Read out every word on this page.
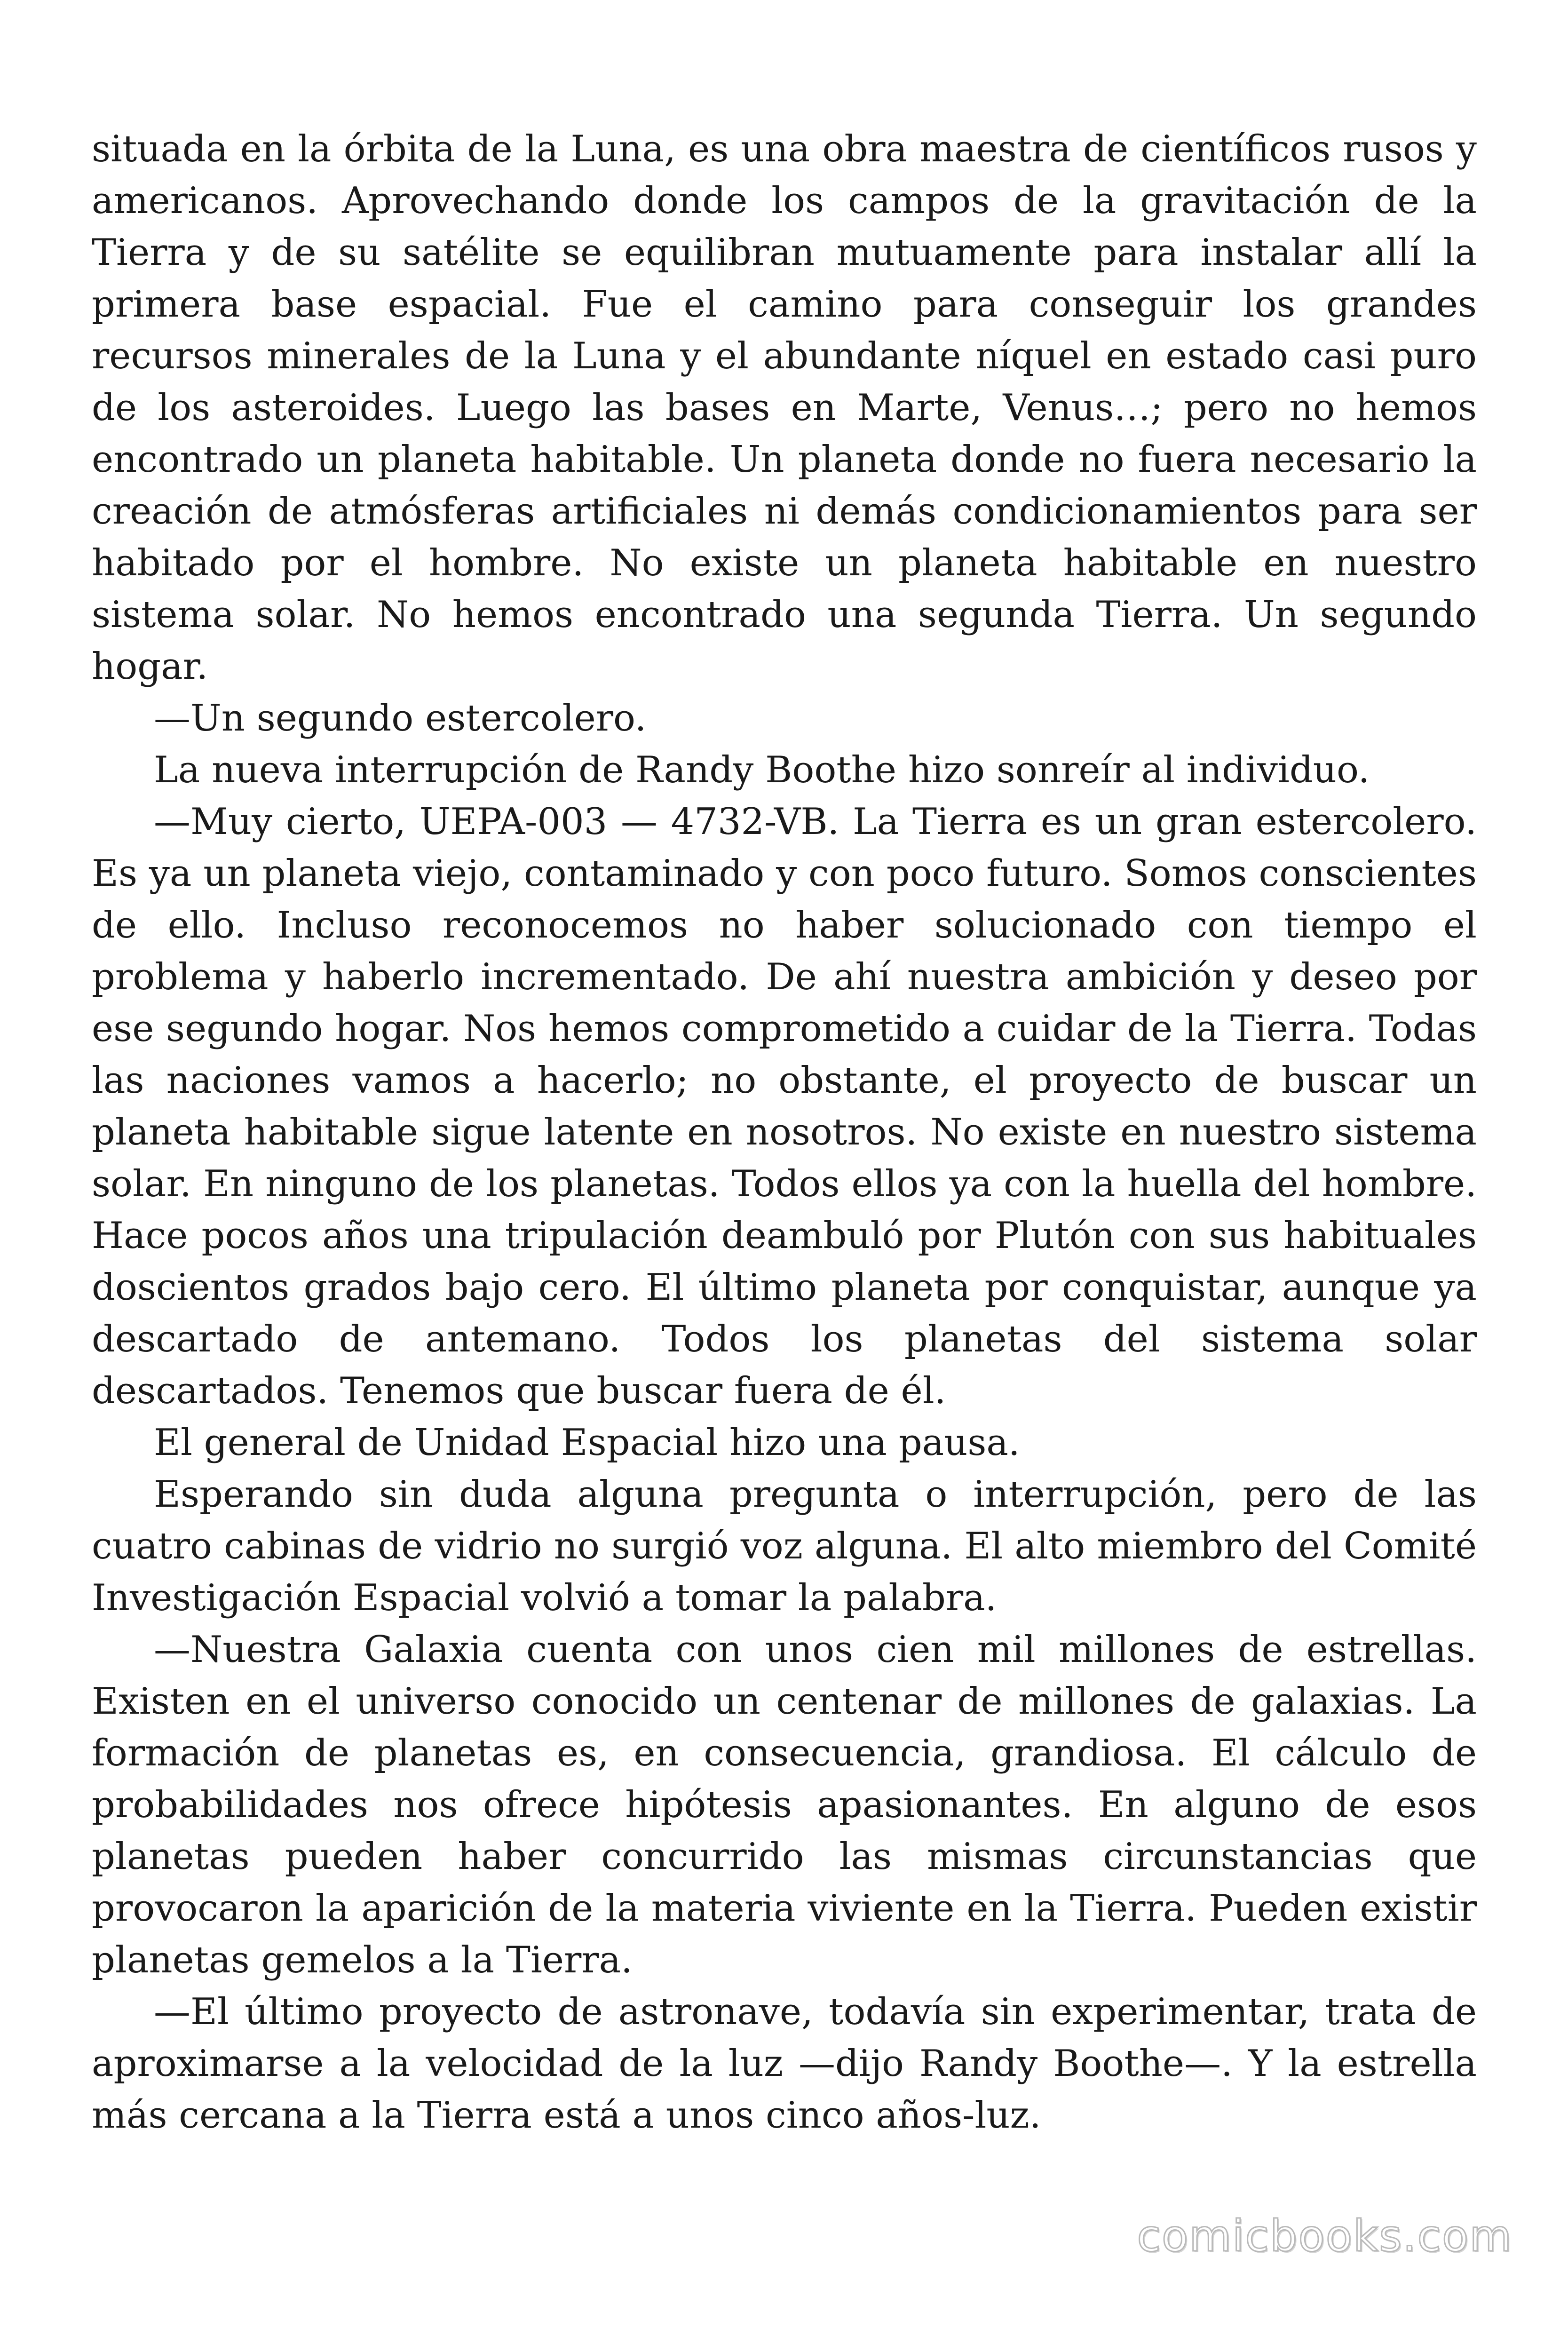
situada en la órbita de la Luna, es una obra maestra de científicos rusos y americanos. Aprovechando donde los campos de la gravitación de la Tierra y de su satélite se equilibran mutuamente para instalar allí la primera base espacial. Fue el camino para conseguir los grandes recursos minerales de la Luna y el abundante níquel en estado casi puro de los asteroides. Luego las bases en Marte, Venus…; pero no hemos encontrado un planeta habitable. Un planeta donde no fuera necesario la creación de atmósferas artificiales ni demás condicionamientos para ser habitado por el hombre. No existe un planeta habitable en nuestro sistema solar. No hemos encontrado una segunda Tierra. Un segundo hogar.

—Un segundo estercolero.

La nueva interrupción de Randy Boothe hizo sonreír al individuo.

—Muy cierto, UEPA-003 — 4732-VB. La Tierra es un gran estercolero. Es ya un planeta viejo, contaminado y con poco futuro. Somos conscientes de ello. Incluso reconocemos no haber solucionado con tiempo el problema y haberlo incrementado. De ahí nuestra ambición y deseo por ese segundo hogar. Nos hemos comprometido a cuidar de la Tierra. Todas las naciones vamos a hacerlo; no obstante, el proyecto de buscar un planeta habitable sigue latente en nosotros. No existe en nuestro sistema solar. En ninguno de los planetas. Todos ellos ya con la huella del hombre. Hace pocos años una tripulación deambuló por Plutón con sus habituales doscientos grados bajo cero. El último planeta por conquistar, aunque ya descartado de antemano. Todos los planetas del sistema solar descartados. Tenemos que buscar fuera de él.

El general de Unidad Espacial hizo una pausa.

Esperando sin duda alguna pregunta o interrupción, pero de las cuatro cabinas de vidrio no surgió voz alguna. El alto miembro del Comité Investigación Espacial volvió a tomar la palabra.

—Nuestra Galaxia cuenta con unos cien mil millones de estrellas. Existen en el universo conocido un centenar de millones de galaxias. La formación de planetas es, en consecuencia, grandiosa. El cálculo de probabilidades nos ofrece hipótesis apasionantes. En alguno de esos planetas pueden haber concurrido las mismas circunstancias que provocaron la aparición de la materia viviente en la Tierra. Pueden existir planetas gemelos a la Tierra.

—El último proyecto de astronave, todavía sin experimentar, trata de aproximarse a la velocidad de la luz —dijo Randy Boothe—. Y la estrella más cercana a la Tierra está a unos cinco años-luz.

comicbooks.com
